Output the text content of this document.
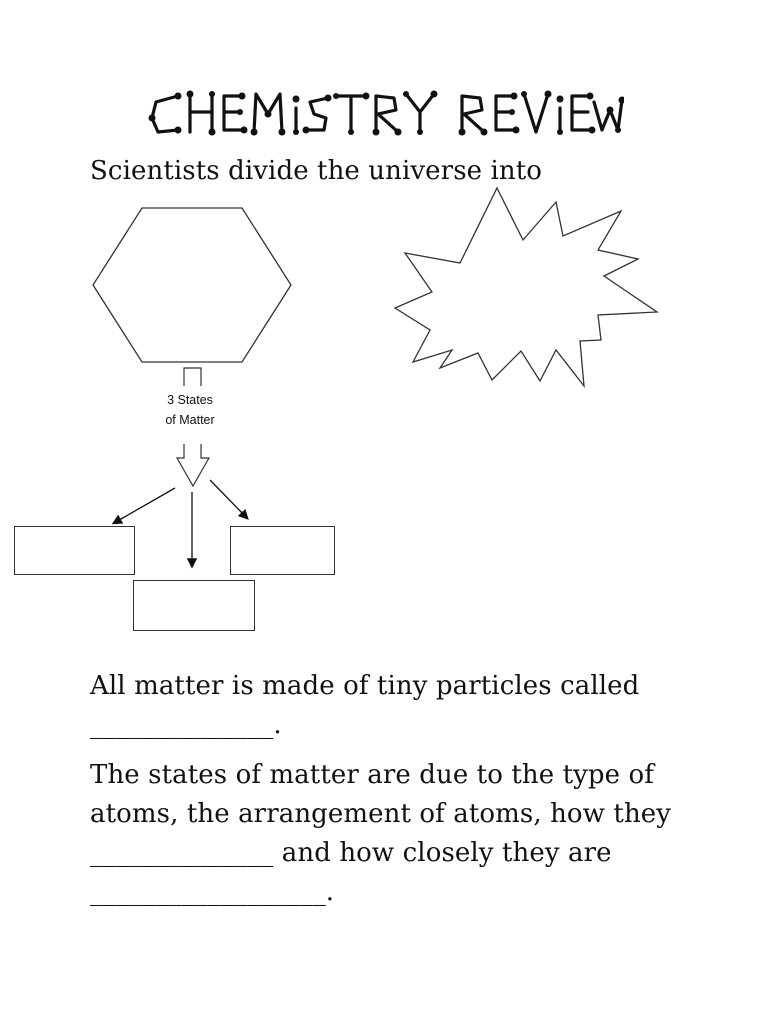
Scientists divide the universe into
3 States
of Matter
All matter is made of tiny particles called ______________.
The states of matter are due to the type of atoms, the arrangement of atoms, how they ______________ and how closely they are __________________.
